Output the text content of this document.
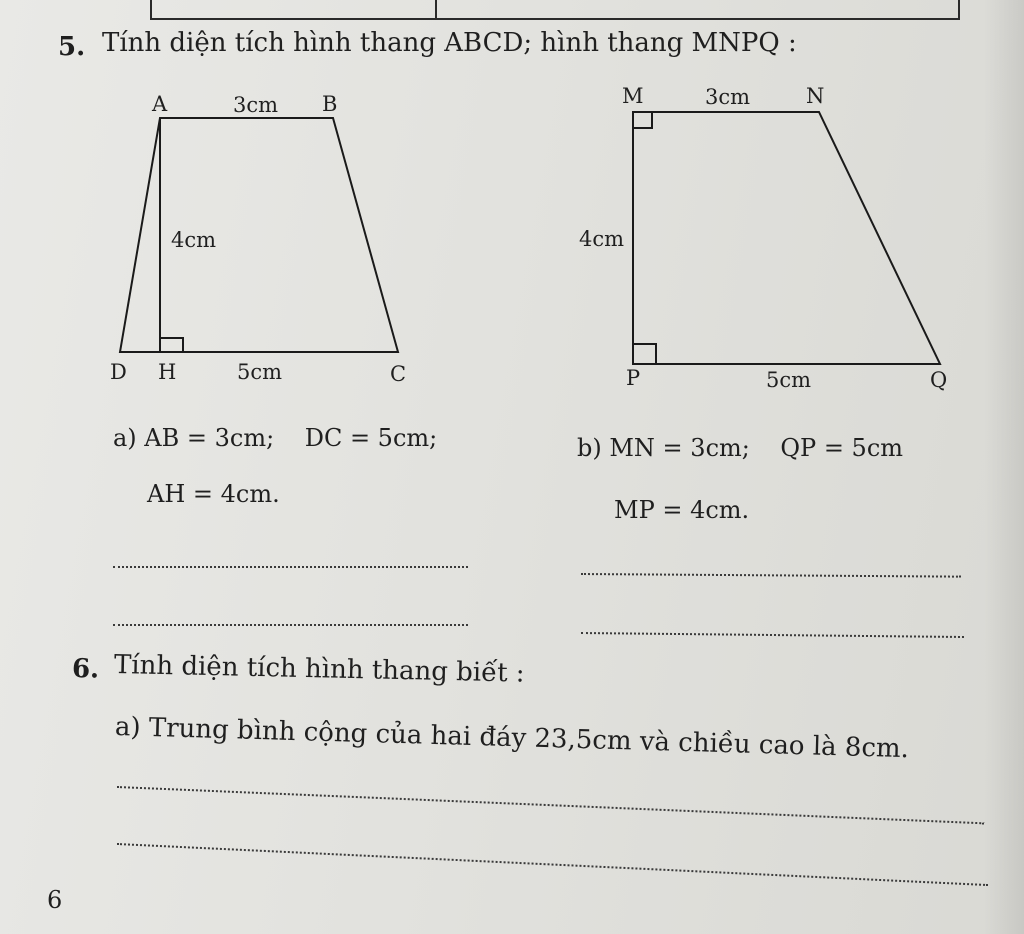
5. Tính diện tích hình thang ABCD; hình thang MNPQ :
A	3cm B
4cm
D H	5cm	C
M	3cm	N
4cm
P	5cm	Q
a) AB = 3cm;    DC = 5cm;
AH = 4cm.
b) MN = 3cm;    QP = 5cm
MP = 4cm.
6. Tính diện tích hình thang biết :
a) Trung bình cộng của hai đáy 23,5cm và chiều cao là 8cm.
6
